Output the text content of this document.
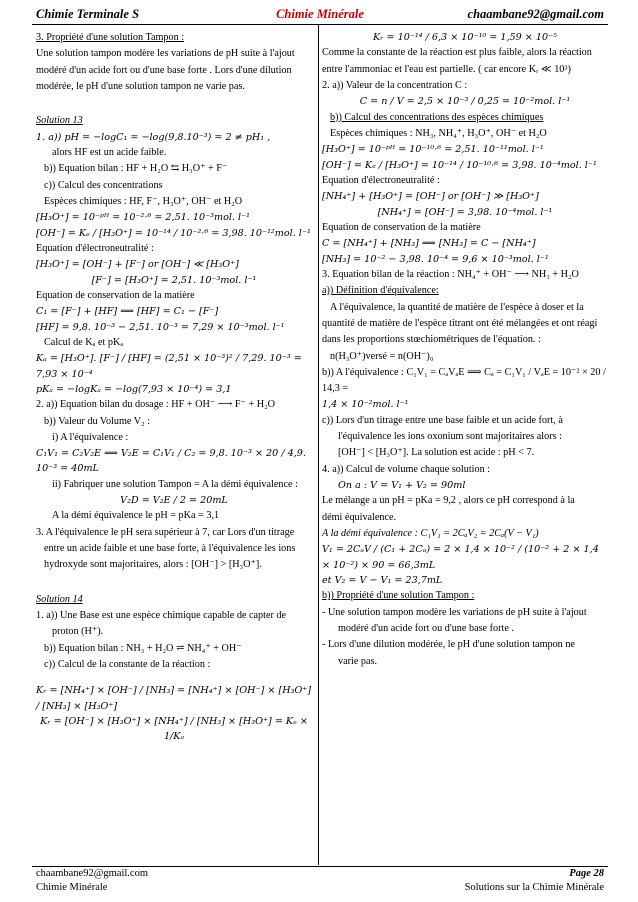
Chimie Terminale S	Chimie Minérale	chaambane92@gmail.com

3. Propriété d'une solution Tampon :

Une solution tampon modère les variations de pH suite à l'ajout

modéré d'un acide fort ou d'une base forte . Lors d'une dilution

modérée, le pH d'une solution tampon ne varie pas.

Solution 13

1. a)) pH = −logC₁ = −log(9,8.10⁻³) = 2 ≠ pH₁ ,

alors HF est un acide faible.

b)) Equation bilan : HF + H₂O ⇆ H₃O⁺ + F⁻

c)) Calcul des concentrations

Espèces chimiques : HF, F⁻, H₃O⁺, OH⁻ et H₂O

[H₃O⁺] = 10⁻ᵖᴴ = 10⁻²·⁶ = 2,51. 10⁻³mol. l⁻¹

[OH⁻] = Kₑ / [H₃O⁺] = 10⁻¹⁴ / 10⁻²·⁶ = 3,98. 10⁻¹²mol. l⁻¹

Equation d'électroneutralité :

[H₃O⁺] = [OH⁻] + [F⁻] or [OH⁻] ≪ [H₃O⁺]

[F⁻] = [H₃O⁺] = 2,51. 10⁻³mol. l⁻¹

Equation de conservation de la matière

C₁ = [F⁻] + [HF] ⟹ [HF] = C₁ − [F⁻]

[HF] = 9,8. 10⁻³ − 2,51. 10⁻³ = 7,29 × 10⁻³mol. l⁻¹

Calcul de Kₐ et pKₐ

Kₐ = [H₃O⁺]. [F⁻] / [HF] = (2,51 × 10⁻³)² / 7,29. 10⁻³ = 7,93 × 10⁻⁴

pKₐ = −logKₐ = −log(7,93 × 10⁻⁴) = 3,1

2. a)) Equation bilan du dosage : HF + OH⁻ ⟶ F⁻ + H₂O

b)) Valeur du Volume V₂ :

i) A l'équivalence :

C₁V₁ = C₂V₂E ⟹ V₂E = C₁V₁ / C₂ = 9,8. 10⁻³ × 20 / 4,9. 10⁻³ = 40mL

ii) Fabriquer une solution Tampon = A la démi équivalence :

V₂D = V₂E / 2 = 20mL

A la démi équivalence le pH = pKa = 3,1

3. A l'équivalence le pH sera supérieur à 7, car Lors d'un titrage

entre un acide faible et une base forte, à l'équivalence les ions

hydroxyde sont majoritaires, alors : [OH⁻] > [H₃O⁺].

Solution 14

1. a)) Une Base est une espèce chimique capable de capter de

proton (H⁺).

b)) Equation bilan : NH₃ + H₂O ⇌ NH₄⁺ + OH⁻

c)) Calcul de la constante de la réaction :

Kᵣ = [NH₄⁺] × [OH⁻] / [NH₃] = [NH₄⁺] × [OH⁻] × [H₃O⁺] / [NH₃] × [H₃O⁺]

Kᵣ = [OH⁻] × [H₃O⁺] × [NH₄⁺] / [NH₃] × [H₃O⁺] = Kₑ × 1/Kₐ

Kᵣ = 10⁻¹⁴ / 6,3 × 10⁻¹⁰ = 1,59 × 10⁻⁵

Comme la constante de la réaction est plus faible, alors la réaction

entre l'ammoniac et l'eau est partielle. ( car encore Kᵣ ≪ 10³)

2. a)) Valeur de la concentration C :

C = n / V = 2,5 × 10⁻³ / 0,25 = 10⁻²mol. l⁻¹

b)) Calcul des concentrations des espèces chimiques

Espèces chimiques : NH₃, NH₄⁺, H₃O⁺, OH⁻ et H₂O

[H₃O⁺] = 10⁻ᵖᴴ = 10⁻¹⁰·⁶ = 2,51. 10⁻¹¹mol. l⁻¹

[OH⁻] = Kₑ / [H₃O⁺] = 10⁻¹⁴ / 10⁻¹⁰·⁶ = 3,98. 10⁻⁴mol. l⁻¹

Equation d'électroneutralité :

[NH₄⁺] + [H₃O⁺] = [OH⁻] or [OH⁻] ≫ [H₃O⁺]

[NH₄⁺] = [OH⁻] = 3,98. 10⁻⁴mol. l⁻¹

Equation de conservation de la matière

C = [NH₄⁺] + [NH₃] ⟹ [NH₃] = C − [NH₄⁺]

[NH₃] = 10⁻² − 3,98. 10⁻⁴ = 9,6 × 10⁻³mol. l⁻¹

3. Equation bilan de la réaction : NH₄⁺ + OH⁻ ⟶ NH₃ + H₂O

a)) Définition d'équivalence:

A l'équivalence, la quantité de matière de l'espèce à doser et la

quantité de matière de l'espèce titrant ont été mélangées et ont réagi

dans les proportions stœchiométriques de l'équation. :

n(H₃O⁺)versé = n(OH⁻)₀

b)) A l'équivalence : C₁V₁ = CₐVₐE ⟹ Cₐ = C₁V₁ / VₐE = 10⁻² × 20 / 14,3 =

1,4 × 10⁻²mol. l⁻¹

c)) Lors d'un titrage entre une base faible et un acide fort, à

l'équivalence les ions oxonium sont majoritaires alors :

[OH⁻] < [H₃O⁺]. La solution est acide : pH < 7.

4. a)) Calcul de volume chaque solution :

On a : V = V₁ + V₂ = 90ml

Le mélange a un pH = pKa = 9,2 , alors ce pH correspond à la

démi équivalence.

A la démi équivalence : C₁V₁ = 2CₐV₂ = 2Cₐ(V − V₁)

V₁ = 2CₐV / (C₁ + 2Cₐ) = 2 × 1,4 × 10⁻² / (10⁻² + 2 × 1,4 × 10⁻²) × 90 = 66,3mL

et V₂ = V − V₁ = 23,7mL

b)) Propriété d'une solution Tampon :

- Une solution tampon modère les variations de pH suite à l'ajout

modéré d'un acide fort ou d'une base forte .

- Lors d'une dilution modérée, le pH d'une solution tampon ne

varie pas.

chaambane92@gmail.com	Page 28
Chimie Minérale	Solutions sur la Chimie Minérale
